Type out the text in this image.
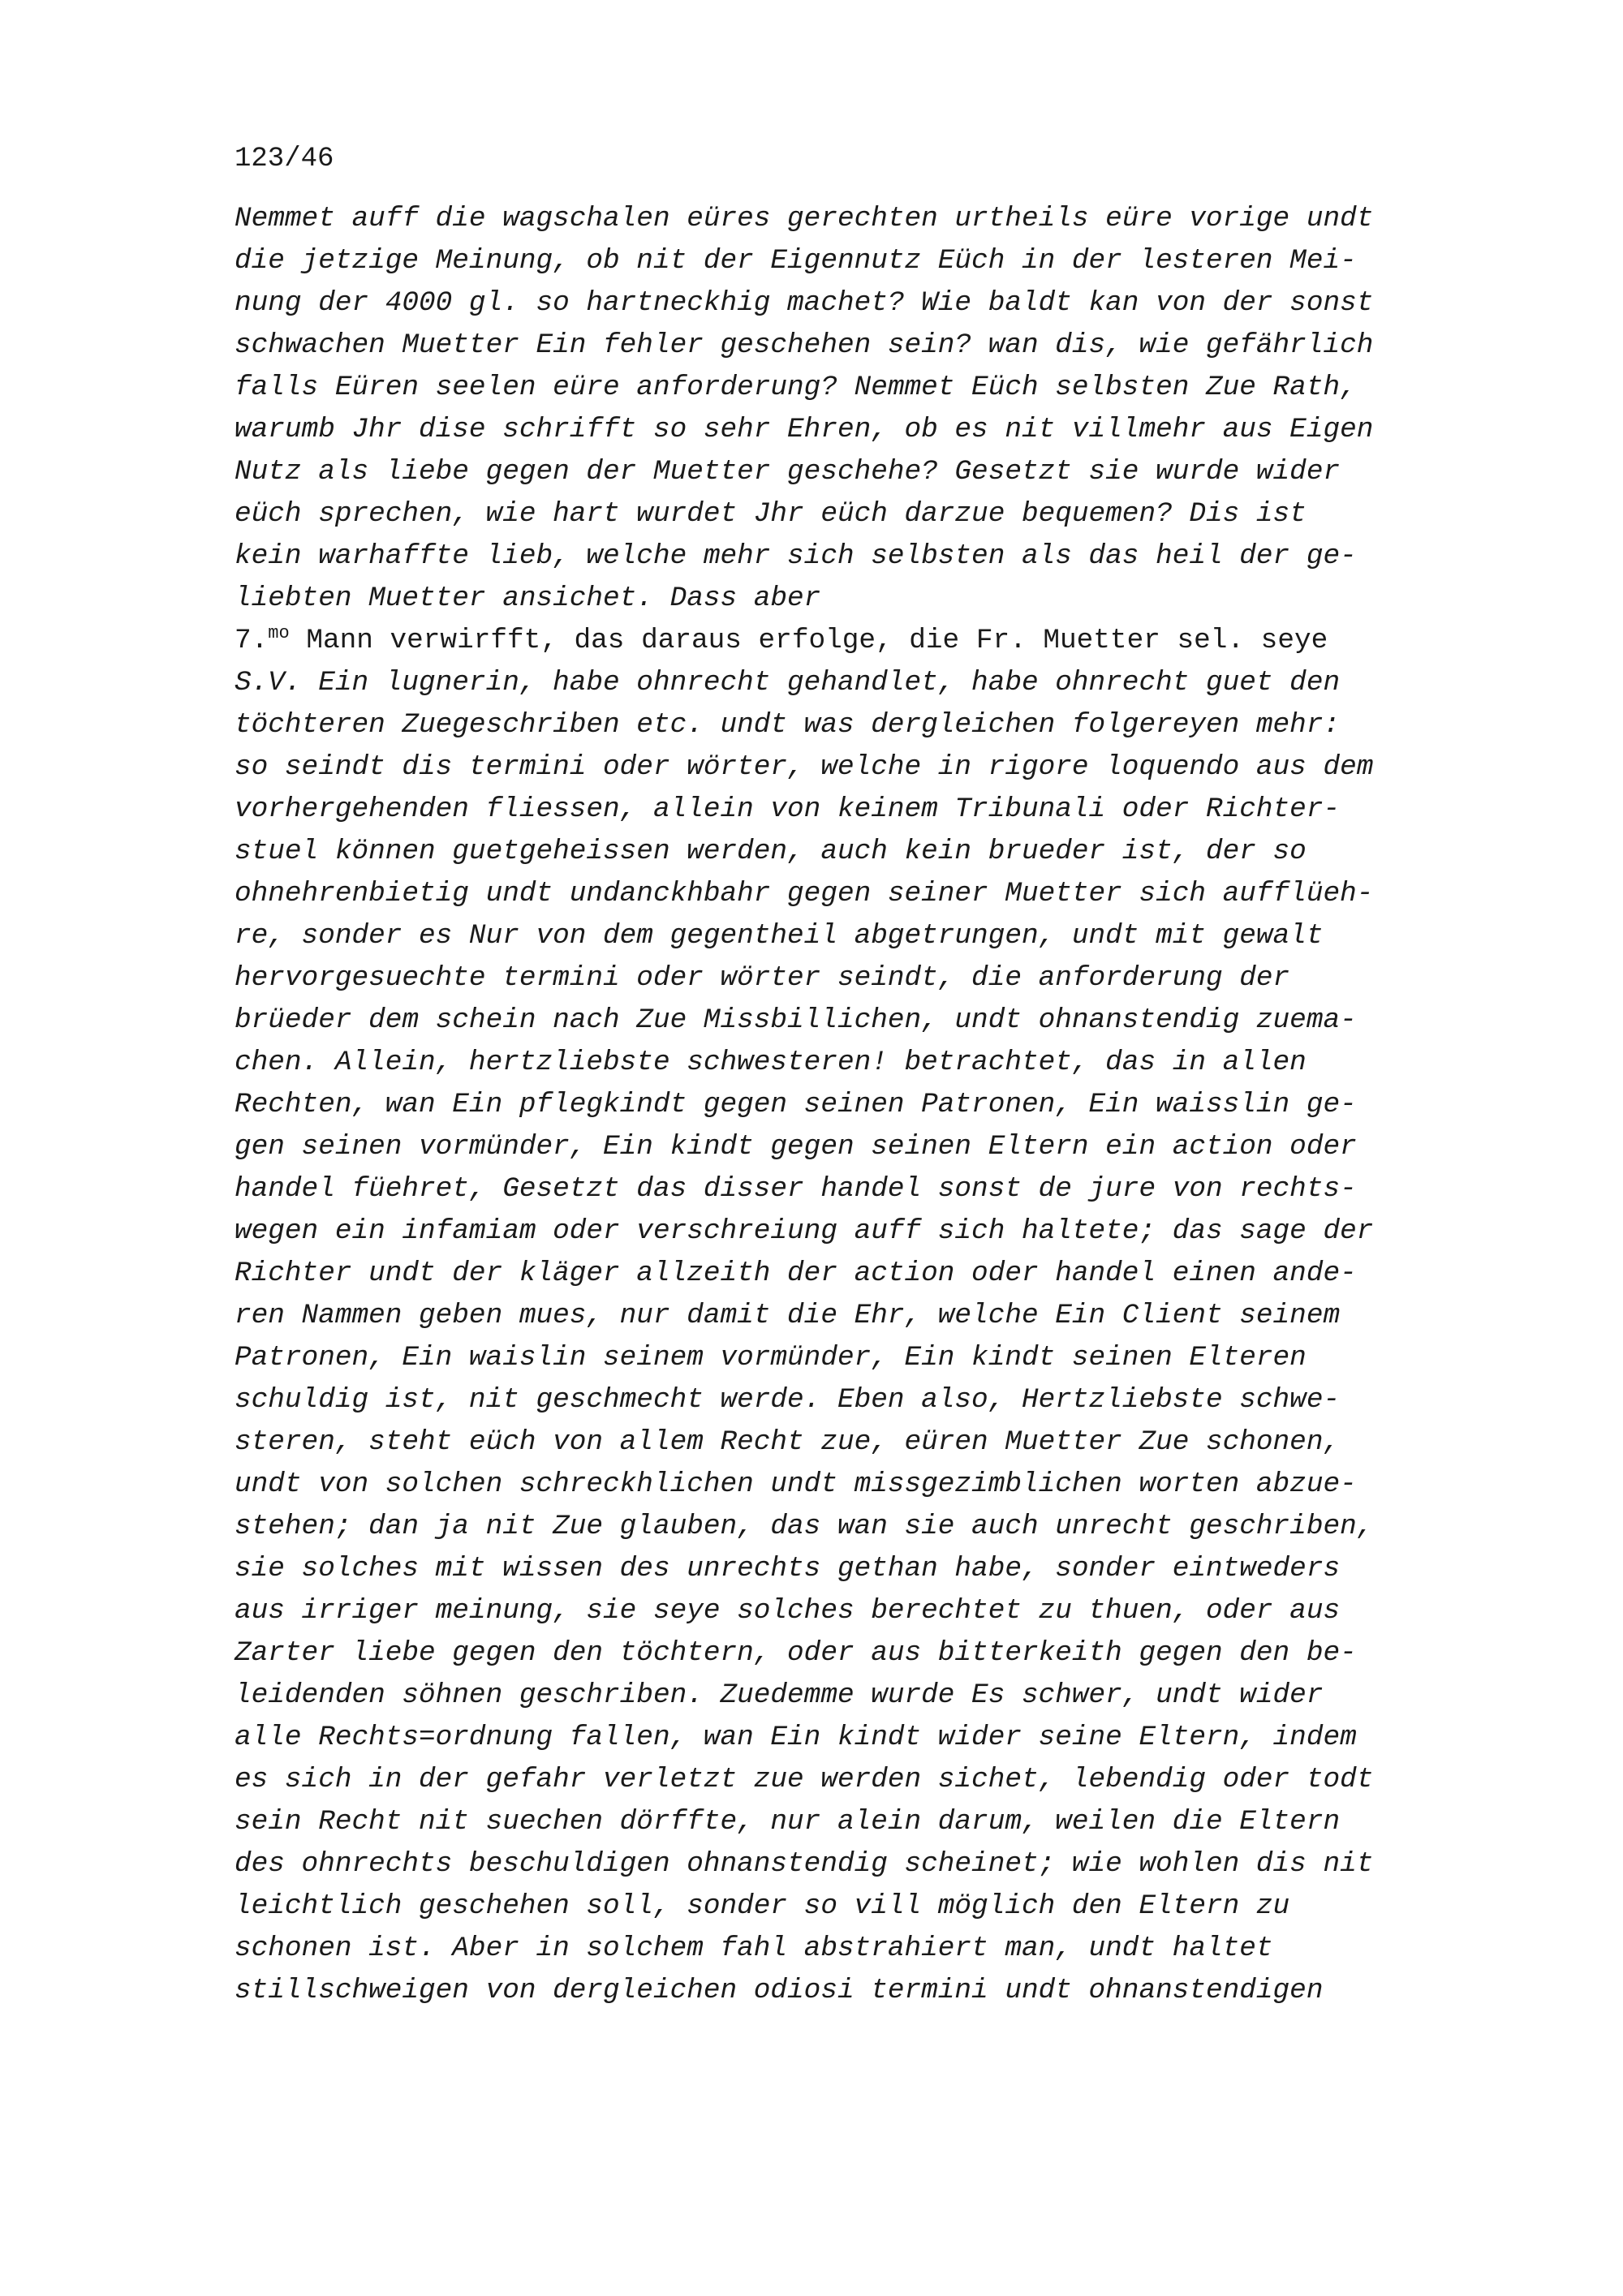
123/46
Nemmet auff die wagschalen eüres gerechten urtheils eüre vorige undt
die jetzige Meinung, ob nit der Eigennutz Eüch in der lesteren Mei-
nung der 4000 gl. so hartneckhig machet? Wie baldt kan von der sonst
schwachen Muetter Ein fehler geschehen sein? wan dis, wie gefährlich
falls Eüren seelen eüre anforderung? Nemmet Eüch selbsten Zue Rath,
warumb Jhr dise schrifft so sehr Ehren, ob es nit villmehr aus Eigen
Nutz als liebe gegen der Muetter geschehe? Gesetzt sie wurde wider
eüch sprechen, wie hart wurdet Jhr eüch darzue bequemen? Dis ist
kein warhaffte lieb, welche mehr sich selbsten als das heil der ge-
liebten Muetter ansichet. Dass aber
7.$^{mo}$ Mann verwirfft, das daraus erfolge, die Fr. Muetter sel. seye
S.V. Ein lugnerin, habe ohnrecht gehandlet, habe ohnrecht guet den
töchteren Zuegeschriben etc. undt was dergleichen folgereyen mehr:
so seindt dis termini oder wörter, welche in rigore loquendo aus dem
vorhergehenden fliessen, allein von keinem Tribunali oder Richter-
stuel können guetgeheissen werden, auch kein brueder ist, der so
ohnehrenbietig undt undanckhbahr gegen seiner Muetter sich aufflüeh-
re, sonder es Nur von dem gegentheil abgetrungen, undt mit gewalt
hervorgesuechte termini oder wörter seindt, die anforderung der
brüeder dem schein nach Zue Missbillichen, undt ohnanstendig zuema-
chen. Allein, hertzliebste schwesteren! betrachtet, das in allen
Rechten, wan Ein pflegkindt gegen seinen Patronen, Ein waisslin ge-
gen seinen vormünder, Ein kindt gegen seinen Eltern ein action oder
handel füehret, Gesetzt das disser handel sonst de jure von rechts-
wegen ein infamiam oder verschreiung auff sich haltete; das sage der
Richter undt der kläger allzeith der action oder handel einen ande-
ren Nammen geben mues, nur damit die Ehr, welche Ein Client seinem
Patronen, Ein waislin seinem vormünder, Ein kindt seinen Elteren
schuldig ist, nit geschmecht werde. Eben also, Hertzliebste schwe-
steren, steht eüch von allem Recht zue, eüren Muetter Zue schonen,
undt von solchen schreckhlichen undt missgezimblichen worten abzue-
stehen; dan ja nit Zue glauben, das wan sie auch unrecht geschriben,
sie solches mit wissen des unrechts gethan habe, sonder eintweders
aus irriger meinung, sie seye solches berechtet zu thuen, oder aus
Zarter liebe gegen den töchtern, oder aus bitterkeith gegen den be-
leidenden söhnen geschriben. Zuedemme wurde Es schwer, undt wider
alle Rechts=ordnung fallen, wan Ein kindt wider seine Eltern, indem
es sich in der gefahr verletzt zue werden sichet, lebendig oder todt
sein Recht nit suechen dörffte, nur alein darum, weilen die Eltern
des ohnrechts beschuldigen ohnanstendig scheinet; wie wohlen dis nit
leichtlich geschehen soll, sonder so vill möglich den Eltern zu
schonen ist. Aber in solchem fahl abstrahiert man, undt haltet
stillschweigen von dergleichen odiosi termini undt ohnanstendigen
